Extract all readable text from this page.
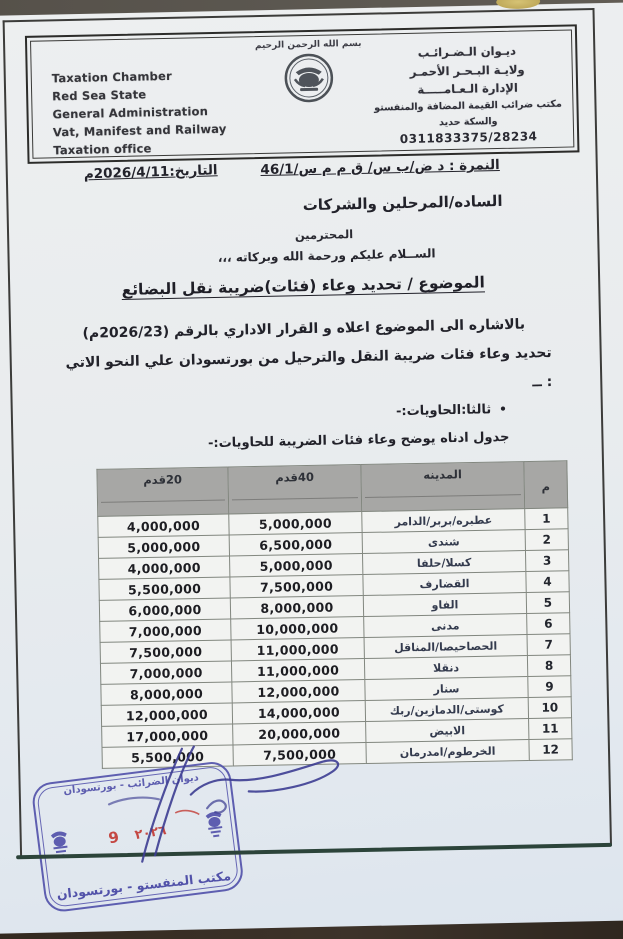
Taxation Chamber
Red Sea State
General Administration
Vat, Manifest and Railway Taxation office
بسم الله الرحمن الرحيم	ديـوان الـضـرائـب
ولايـة البـحـر الأحمـر
الإدارة الـعـامـــــة
مكتب ضرائب القيمة المضافة والمنفستو والسكة حديد
0311833375/28234
النمرة : د ض/ب س/ ق م م س/46/1
التاريخ:2026/4/11م
الساده/المرحلين والشركات
المحترمين
الســلام عليكم ورحمة الله وبركاته ،،،
الموضوع / تحديد وعاء (فئات)ضريبة نقل البضائع
بالاشاره الى الموضوع اعلاه و القرار الاداري بالرقم (2026/23م)
تحديد وعاء فئات ضريبة النقل والترحيل من بورتسودان علي النحو الاتي
: ــ
•
ثالثا:الحاويات:-
جدول ادناه يوضح وعاء فئات الضريبة للحاويات:-
م	المدينه	40قدم	20قدم

1	عطبره/بربر/الدامر	5,000,000	4,000,000
2	شندى	6,500,000	5,000,000
3	كسلا/حلفا	5,000,000	4,000,000
4	القضارف	7,500,000	5,500,000
5	الفاو	8,000,000	6,000,000
6	مدنى	10,000,000	7,000,000
7	الحصاحيصا/المناقل	11,000,000	7,500,000
8	دنقلا	11,000,000	7,000,000
9	سنار	12,000,000	8,000,000
10	كوستى/الدمازين/ربك	14,000,000	12,000,000
11	الابيض	20,000,000	17,000,000
12	الخرطوم/امدرمان	7,500,000	5,500,000
ديوان الضرائب - بورتسودان
٢٠٢٦
9
مكتب المنفستو - بورتسودان
